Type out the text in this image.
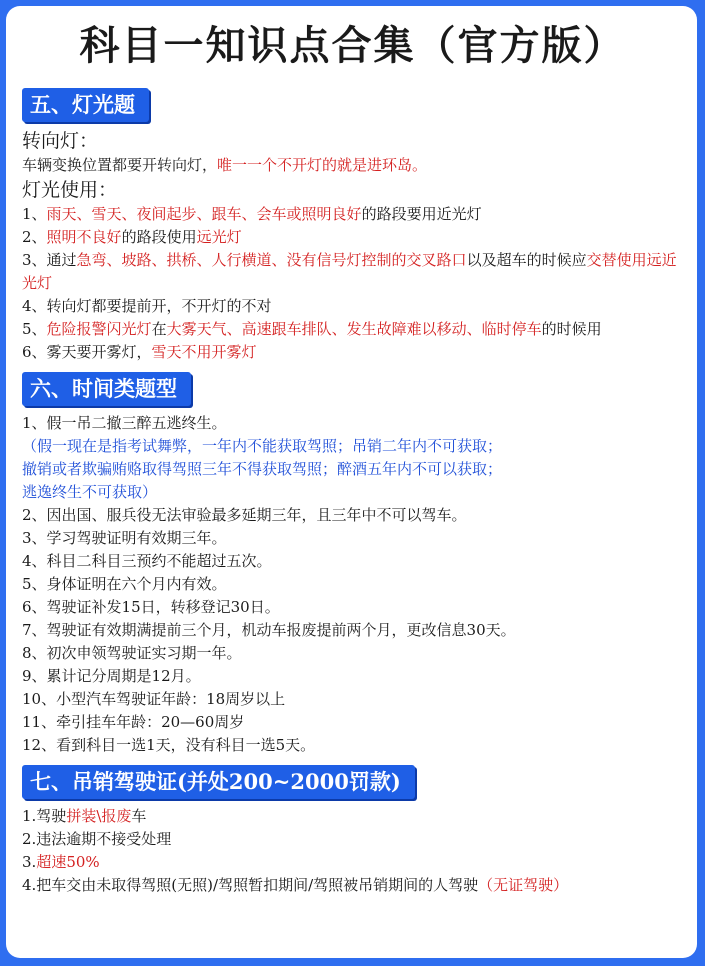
科目一知识点合集（官方版）
五、灯光题
转向灯：
车辆变换位置都要开转向灯，唯一一个不开灯的就是进环岛。
灯光使用：
1、雨天、雪天、夜间起步、跟车、会车或照明良好的路段要用近光灯
2、照明不良好的路段使用远光灯
3、通过急弯、坡路、拱桥、人行横道、没有信号灯控制的交叉路口以及超车的时候应交替使用远近光灯
4、转向灯都要提前开，不开灯的不对
5、危险报警闪光灯在大雾天气、高速跟车排队、发生故障难以移动、临时停车的时候用
6、雾天要开雾灯，雪天不用开雾灯
六、时间类题型
1、假一吊二撤三醉五逃终生。
（假一现在是指考试舞弊，一年内不能获取驾照；吊销二年内不可获取；
撤销或者欺骗贿赂取得驾照三年不得获取驾照；醉酒五年内不可以获取；
逃逸终生不可获取）
2、因出国、服兵役无法审验最多延期三年，且三年中不可以驾车。
3、学习驾驶证明有效期三年。
4、科目二科目三预约不能超过五次。
5、身体证明在六个月内有效。
6、驾驶证补发15日，转移登记30日。
7、驾驶证有效期满提前三个月，机动车报废提前两个月，更改信息30天。
8、初次申领驾驶证实习期一年。
9、累计记分周期是12月。
10、小型汽车驾驶证年龄：18周岁以上
11、牵引挂车年龄：20—60周岁
12、看到科目一选1天，没有科目一选5天。
七、吊销驾驶证(并处200~2000罚款)
1.驾驶拼装\报废车
2.违法逾期不接受处理
3.超速50%
4.把车交由未取得驾照(无照)/驾照暂扣期间/驾照被吊销期间的人驾驶（无证驾驶）
